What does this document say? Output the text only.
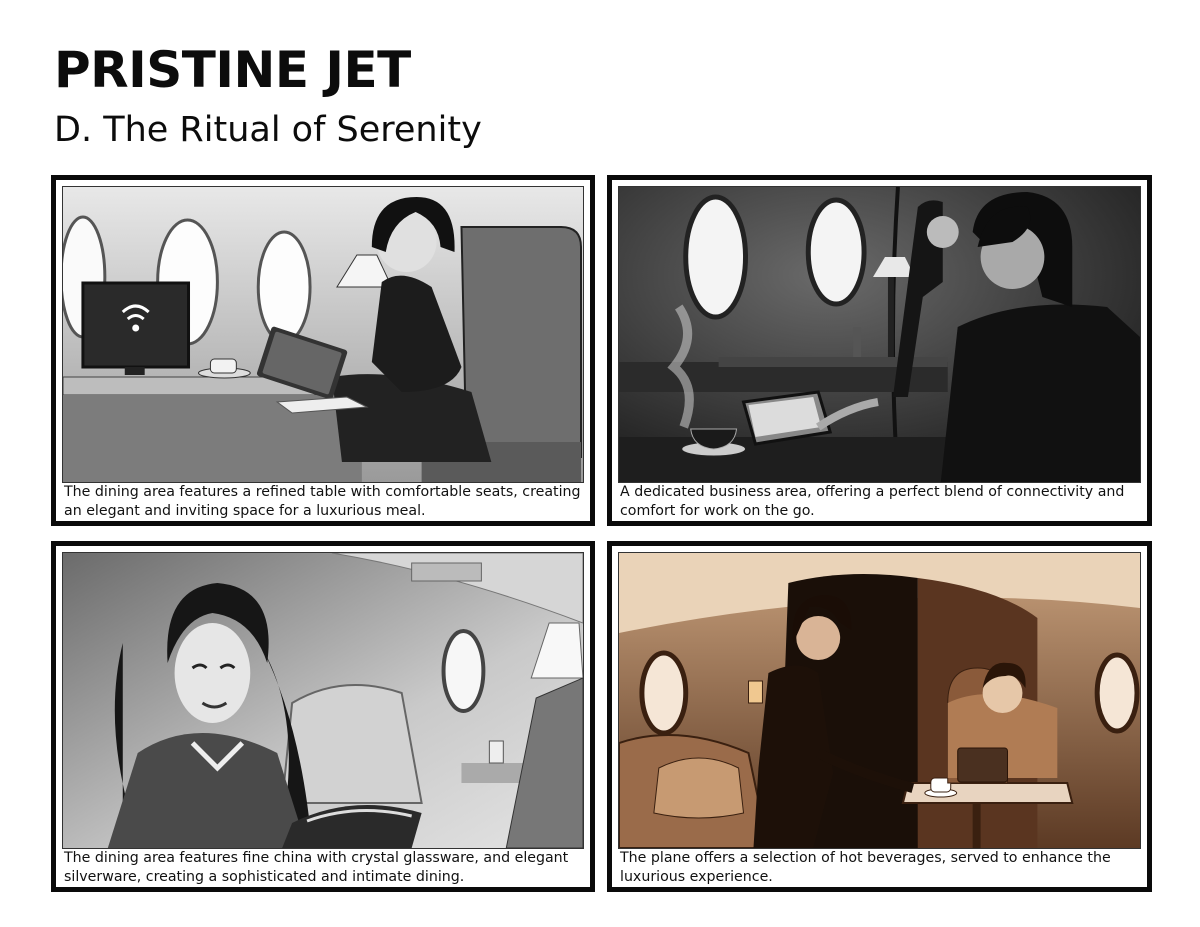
PRISTINE JET
D. The Ritual of Serenity

The dining area features a refined table with comfortable seats, creating an elegant and inviting space for a luxurious meal.

A dedicated business area, offering a perfect blend of connectivity and comfort for work on the go.

The dining area features fine china with crystal glassware, and elegant silverware, creating a sophisticated and intimate dining.

The plane offers a selection of hot beverages, served to enhance the luxurious experience.
